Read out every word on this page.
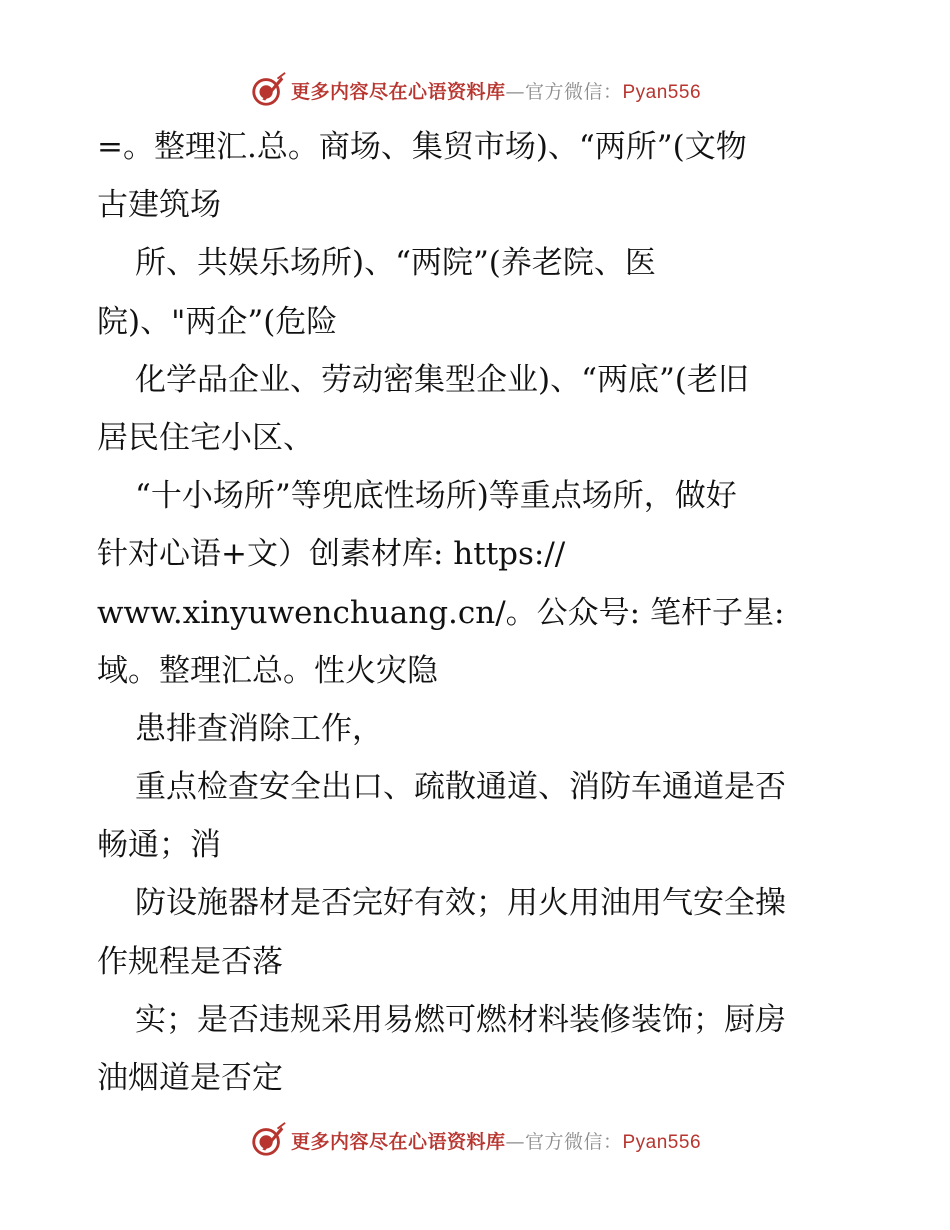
更多内容尽在心语资料库—官方微信：Pyan556
=。整理汇.总。商场、集贸市场)、“两所”(文物
古建筑场
所、共娱乐场所)、“两院”(养老院、医
院)、"两企”(危险
化学品企业、劳动密集型企业)、“两底”(老旧
居民住宅小区、
“十小场所”等兜底性场所)等重点场所，做好
针对心语+文）创素材库: https://
www.xinyuwenchuang.cn/。公众号: 笔杆子星:
域。整理汇总。性火灾隐
患排查消除工作，
重点检查安全出口、疏散通道、消防车通道是否
畅通；消
防设施器材是否完好有效；用火用油用气安全操
作规程是否落
实；是否违规采用易燃可燃材料装修装饰；厨房
油烟道是否定
更多内容尽在心语资料库—官方微信：Pyan556
